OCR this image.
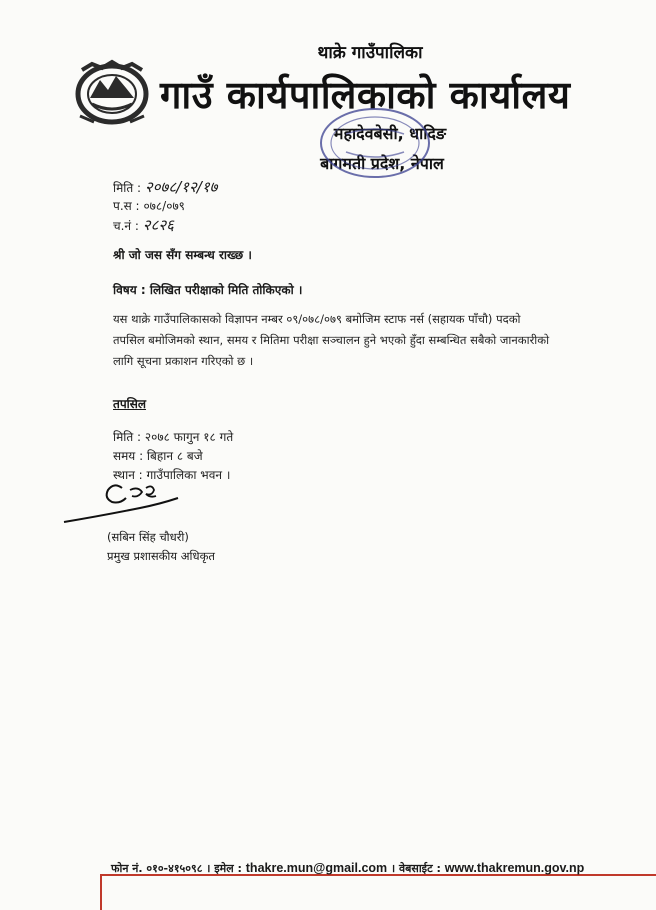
थाक्रे गाउँपालिका
गाउँ कार्यपालिकाको कार्यालय
महादेवबेसी, धादिङ
बागमती प्रदेश, नेपाल
मिति : २०७८/१२/१७
प.स : ०७८/०७९
च.नं : २८२६
श्री जो जस सँग सम्बन्ध राख्छ ।
विषय : लिखित परीक्षाको मिति तोकिएको ।
यस थाक्रे गाउँपालिकासको विज्ञापन नम्बर ०९/०७८/०७९ बमोजिम स्टाफ नर्स (सहायक पाँचौ) पदको
तपसिल बमोजिमको स्थान, समय र मितिमा परीक्षा सञ्चालन हुने भएको हुँदा सम्बन्धित सबैको जानकारीको
लागि सूचना प्रकाशन गरिएको छ ।
तपसिल
मिति : २०७८ फागुन १८ गते
समय : बिहान ८ बजे
स्थान : गाउँपालिका भवन ।
(सबिन सिंह चौधरी)
प्रमुख प्रशासकीय अधिकृत
फोन नं. ०१०-४१५०९८ । इमेल : thakre.mun@gmail.com । वेबसाईट : www.thakremun.gov.np
